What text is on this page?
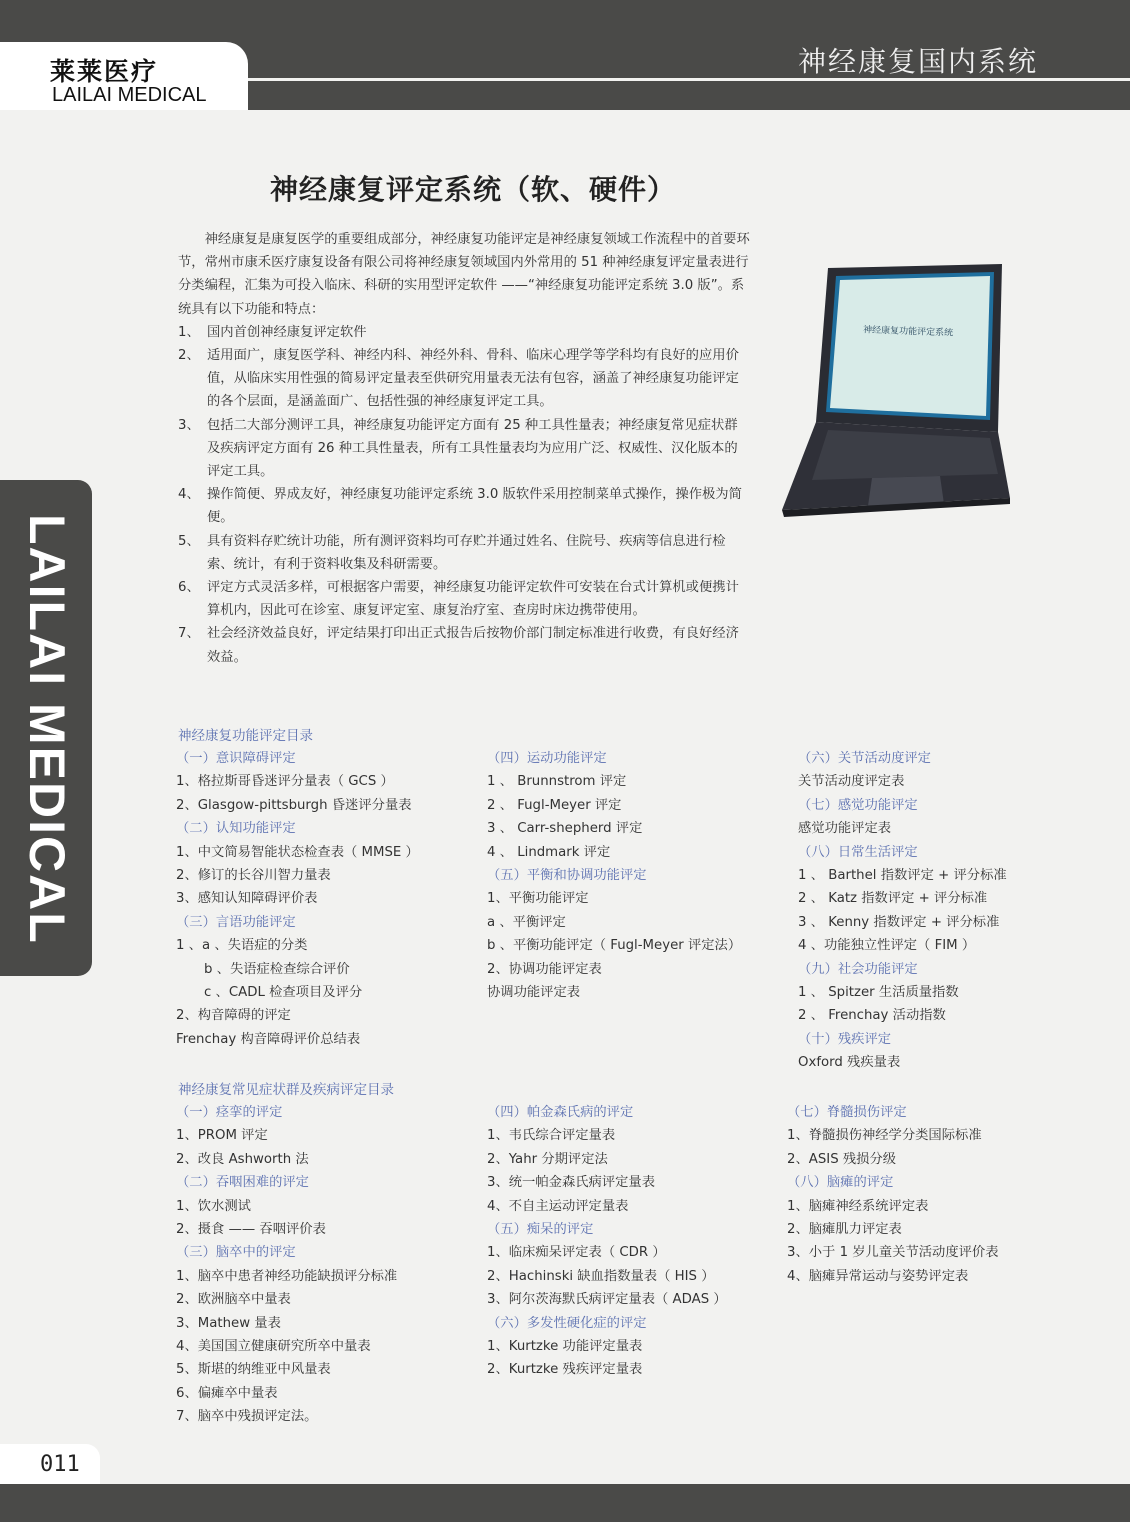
莱莱医疗
LAILAI MEDICAL
神经康复国内系统
LAILAI MEDICAL
神经康复评定系统（软、硬件）

神经康复是康复医学的重要组成部分，神经康复功能评定是神经康复领域工作流程中的首要环节，常州市康禾医疗康复设备有限公司将神经康复领域国内外常用的 51 种神经康复评定量表进行分类编程，汇集为可投入临床、科研的实用型评定软件 ——“神经康复功能评定系统 3.0 版”。系统具有以下功能和特点：

1、 国内首创神经康复评定软件
2、 适用面广，康复医学科、神经内科、神经外科、骨科、临床心理学等学科均有良好的应用价值，从临床实用性强的简易评定量表至供研究用量表无法有包容，涵盖了神经康复功能评定的各个层面，是涵盖面广、包括性强的神经康复评定工具。
3、 包括二大部分测评工具，神经康复功能评定方面有 25 种工具性量表；神经康复常见症状群及疾病评定方面有 26 种工具性量表，所有工具性量表均为应用广泛、权威性、汉化版本的评定工具。
4、 操作简便、界成友好，神经康复功能评定系统 3.0 版软件采用控制菜单式操作，操作极为简便。
5、 具有资料存贮统计功能，所有测评资料均可存贮并通过姓名、住院号、疾病等信息进行检索、统计，有利于资料收集及科研需要。
6、 评定方式灵活多样，可根据客户需要，神经康复功能评定软件可安装在台式计算机或便携计算机内，因此可在诊室、康复评定室、康复治疗室、查房时床边携带使用。
7、 社会经济效益良好，评定结果打印出正式报告后按物价部门制定标准进行收费，有良好经济效益。
神经康复功能评定系统
神经康复功能评定目录
（一）意识障碍评定
1、格拉斯哥昏迷评分量表（ GCS ）
2、Glasgow-pittsburgh 昏迷评分量表
（二）认知功能评定
1、中文简易智能状态检查表（ MMSE ）
2、修订的长谷川智力量表
3、感知认知障碍评价表
（三）言语功能评定
1 、a 、失语症的分类
b 、失语症检查综合评价
c 、CADL 检查项目及评分
2、构音障碍的评定
Frenchay 构音障碍评价总结表
（四）运动功能评定
1 、 Brunnstrom 评定
2 、 Fugl-Meyer 评定
3 、 Carr-shepherd 评定
4 、 Lindmark 评定
（五）平衡和协调功能评定
1、平衡功能评定
a 、平衡评定
b 、平衡功能评定（ Fugl-Meyer 评定法）
2、协调功能评定表
协调功能评定表
（六）关节活动度评定
关节活动度评定表
（七）感觉功能评定
感觉功能评定表
（八）日常生活评定
1 、 Barthel 指数评定 + 评分标准
2 、 Katz 指数评定 + 评分标准
3 、 Kenny 指数评定 + 评分标准
4 、功能独立性评定（ FIM ）
（九）社会功能评定
1 、 Spitzer 生活质量指数
2 、 Frenchay 活动指数
（十）残疾评定
Oxford 残疾量表
神经康复常见症状群及疾病评定目录
（一）痉挛的评定
1、PROM 评定
2、改良 Ashworth 法
（二）吞咽困难的评定
1、饮水测试
2、摄食 —— 吞咽评价表
（三）脑卒中的评定
1、脑卒中患者神经功能缺损评分标准
2、欧洲脑卒中量表
3、Mathew 量表
4、美国国立健康研究所卒中量表
5、斯堪的纳维亚中风量表
6、偏瘫卒中量表
7、脑卒中残损评定法。
（四）帕金森氏病的评定
1、韦氏综合评定量表
2、Yahr 分期评定法
3、统一帕金森氏病评定量表
4、不自主运动评定量表
（五）痴呆的评定
1、临床痴呆评定表（ CDR ）
2、Hachinski 缺血指数量表（ HIS ）
3、阿尔茨海默氏病评定量表（ ADAS ）
（六）多发性硬化症的评定
1、Kurtzke 功能评定量表
2、Kurtzke 残疾评定量表
（七）脊髓损伤评定
1、脊髓损伤神经学分类国际标准
2、ASIS 残损分级
（八）脑瘫的评定
1、脑瘫神经系统评定表
2、脑瘫肌力评定表
3、小于 1 岁儿童关节活动度评价表
4、脑瘫异常运动与姿势评定表
011
